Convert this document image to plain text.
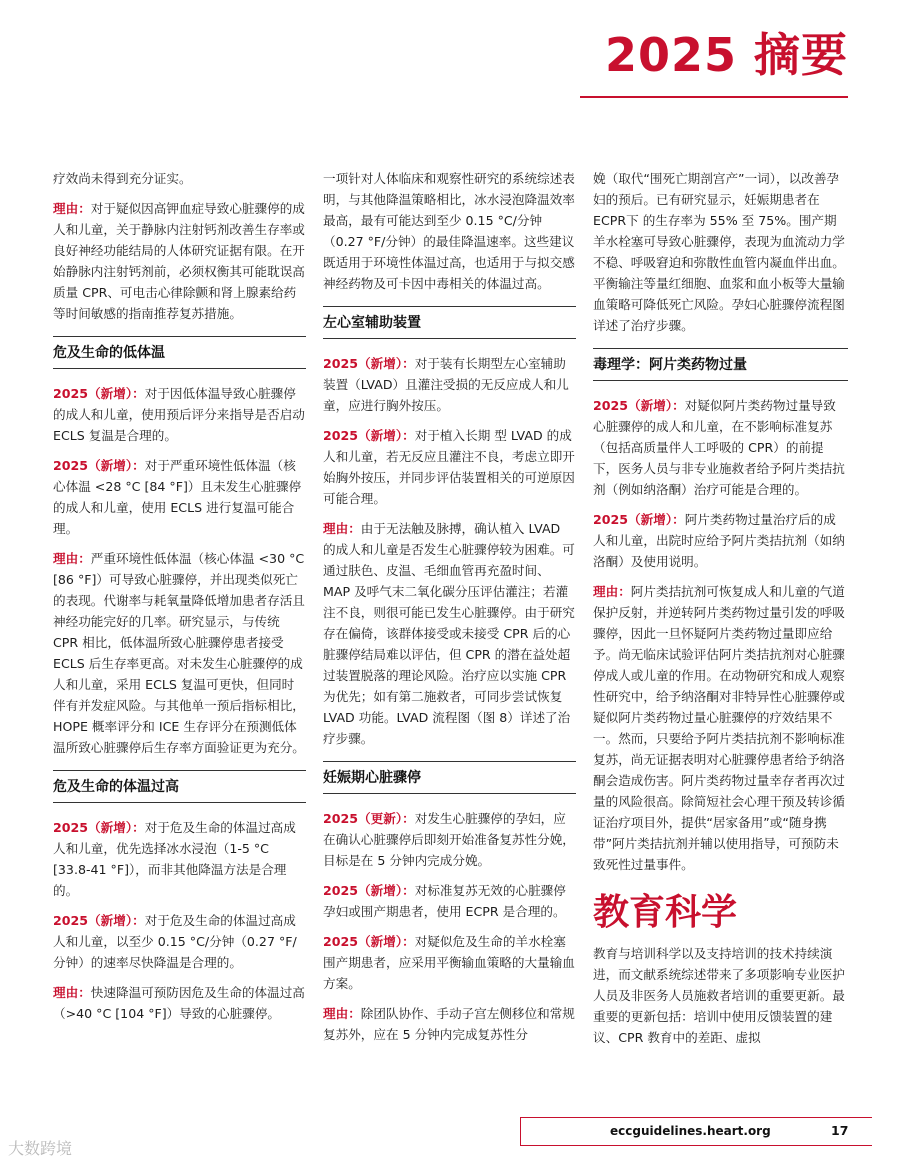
2025 摘要

疗效尚未得到充分证实。

理由：对于疑似因高钾血症导致心脏骤停的成人和儿童，关于静脉内注射钙剂改善生存率或良好神经功能结局的人体研究证据有限。在开始静脉内注射钙剂前，必须权衡其可能耽误高质量 CPR、可电击心律除颤和肾上腺素给药等时间敏感的指南推荐复苏措施。

危及生命的低体温

2025（新增）：对于因低体温导致心脏骤停的成人和儿童，使用预后评分来指导是否启动 ECLS 复温是合理的。

2025（新增）：对于严重环境性低体温（核心体温 <28 °C [84 °F]）且未发生心脏骤停的成人和儿童，使用 ECLS 进行复温可能合理。

理由：严重环境性低体温（核心体温 <30 °C [86 °F]）可导致心脏骤停，并出现类似死亡的表现。代谢率与耗氧量降低增加患者存活且神经功能完好的几率。研究显示，与传统 CPR 相比，低体温所致心脏骤停患者接受 ECLS 后生存率更高。对未发生心脏骤停的成人和儿童，采用 ECLS 复温可更快，但同时伴有并发症风险。与其他单一预后指标相比，HOPE 概率评分和 ICE 生存评分在预测低体温所致心脏骤停后生存率方面验证更为充分。

危及生命的体温过高

2025（新增）：对于危及生命的体温过高成人和儿童，优先选择冰水浸泡（1-5 °C [33.8-41 °F]），而非其他降温方法是合理的。

2025（新增）：对于危及生命的体温过高成人和儿童，以至少 0.15 °C/分钟（0.27 °F/分钟）的速率尽快降温是合理的。

理由：快速降温可预防因危及生命的体温过高（>40 °C [104 °F]）导致的心脏骤停。

一项针对人体临床和观察性研究的系统综述表明，与其他降温策略相比，冰水浸泡降温效率最高，最有可能达到至少 0.15 °C/分钟（0.27 °F/分钟）的最佳降温速率。这些建议既适用于环境性体温过高，也适用于与拟交感神经药物及可卡因中毒相关的体温过高。

左心室辅助装置

2025（新增）：对于装有长期型左心室辅助装置（LVAD）且灌注受损的无反应成人和儿童，应进行胸外按压。

2025（新增）：对于植入长期 型 LVAD 的成人和儿童，若无反应且灌注不良，考虑立即开始胸外按压，并同步评估装置相关的可逆原因可能合理。

理由：由于无法触及脉搏，确认植入 LVAD 的成人和儿童是否发生心脏骤停较为困难。可通过肤色、皮温、毛细血管再充盈时间、MAP 及呼气末二氧化碳分压评估灌注；若灌注不良，则很可能已发生心脏骤停。由于研究存在偏倚，该群体接受或未接受 CPR 后的心脏骤停结局难以评估，但 CPR 的潜在益处超过装置脱落的理论风险。治疗应以实施 CPR 为优先；如有第二施救者，可同步尝试恢复 LVAD 功能。LVAD 流程图（图 8）详述了治疗步骤。

妊娠期心脏骤停

2025（更新）：对发生心脏骤停的孕妇，应在确认心脏骤停后即刻开始准备复苏性分娩，目标是在 5 分钟内完成分娩。

2025（新增）：对标准复苏无效的心脏骤停孕妇或围产期患者，使用 ECPR 是合理的。

2025（新增）：对疑似危及生命的羊水栓塞围产期患者，应采用平衡输血策略的大量输血方案。

理由：除团队协作、手动子宫左侧移位和常规复苏外，应在 5 分钟内完成复苏性分

娩（取代“围死亡期剖宫产”一词），以改善孕妇的预后。已有研究显示，妊娠期患者在 ECPR下 的生存率为 55% 至 75%。围产期羊水栓塞可导致心脏骤停，表现为血流动力学不稳、呼吸窘迫和弥散性血管内凝血伴出血。平衡输注等量红细胞、血浆和血小板等大量输血策略可降低死亡风险。孕妇心脏骤停流程图详述了治疗步骤。

毒理学：阿片类药物过量

2025（新增）：对疑似阿片类药物过量导致心脏骤停的成人和儿童，在不影响标准复苏（包括高质量伴人工呼吸的 CPR）的前提下，医务人员与非专业施救者给予阿片类拮抗 剂（例如纳洛酮）治疗可能是合理的。

2025（新增）：阿片类药物过量治疗后的成人和儿童，出院时应给予阿片类拮抗剂（如纳洛酮）及使用说明。

理由：阿片类拮抗剂可恢复成人和儿童的气道保护反射，并逆转阿片类药物过量引发的呼吸骤停，因此一旦怀疑阿片类药物过量即应给予。尚无临床试验评估阿片类拮抗剂对心脏骤停成人或儿童的作用。在动物研究和成人观察性研究中，给予纳洛酮对非特异性心脏骤停或疑似阿片类药物过量心脏骤停的疗效结果不一。然而，只要给予阿片类拮抗剂不影响标准复苏，尚无证据表明对心脏骤停患者给予纳洛酮会造成伤害。阿片类药物过量幸存者再次过量的风险很高。除简短社会心理干预及转诊循证治疗项目外，提供“居家备用”或“随身携带”阿片类拮抗剂并辅以使用指导，可预防未致死性过量事件。

教育科学

教育与培训科学以及支持培训的技术持续演进，而文献系统综述带来了多项影响专业医护人员及非医务人员施救者培训的重要更新。最重要的更新包括：培训中使用反馈装置的建议、CPR 教育中的差距、虚拟

eccguidelines.heart.org	17
大数跨境
